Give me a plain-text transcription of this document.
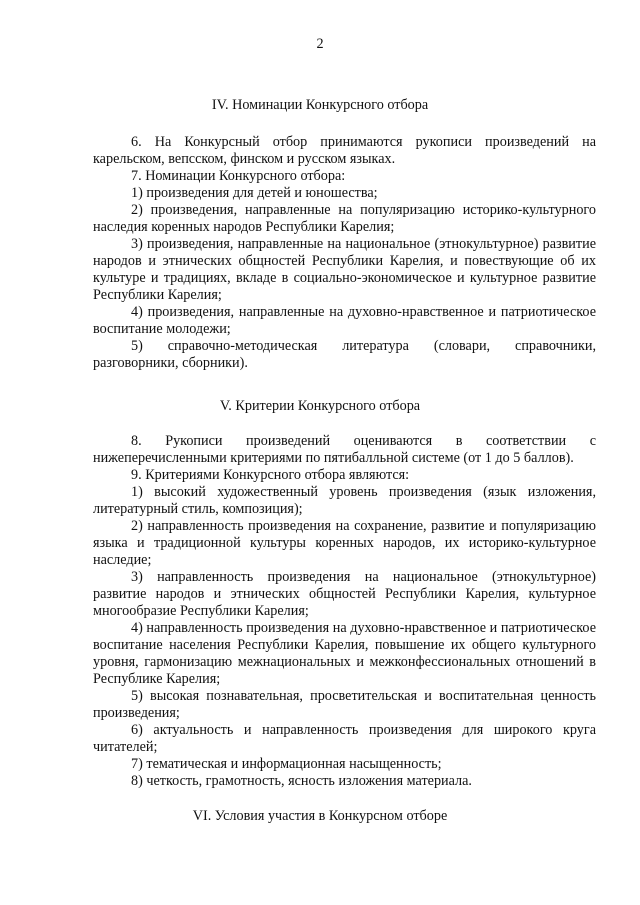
2
IV. Номинации Конкурсного отбора

6. На Конкурсный отбор принимаются рукописи произведений на карельском, вепсском, финском и русском языках.

7. Номинации Конкурсного отбора:

1) произведения для детей и юношества;

2) произведения, направленные на популяризацию историко-культурного наследия коренных народов Республики Карелия;

3) произведения, направленные на национальное (этнокультурное) развитие народов и этнических общностей Республики Карелия, и повествующие об их культуре и традициях, вкладе в социально-экономическое и культурное развитие Республики Карелия;

4) произведения, направленные на духовно-нравственное и патриотическое воспитание молодежи;

5) справочно-методическая литература (словари, справочники, разговорники, сборники).

V. Критерии Конкурсного отбора

8. Рукописи произведений оцениваются в соответствии с нижеперечисленными критериями по пятибалльной системе (от 1 до 5 баллов).

9. Критериями Конкурсного отбора являются:

1) высокий художественный уровень произведения (язык изложения, литературный стиль, композиция);

2) направленность произведения на сохранение, развитие и популяризацию языка и традиционной культуры коренных народов, их историко-культурное наследие;

3) направленность произведения на национальное (этнокультурное) развитие народов и этнических общностей Республики Карелия, культурное многообразие Республики Карелия;

4) направленность произведения на духовно-нравственное и патриотическое воспитание населения Республики Карелия, повышение их общего культурного уровня, гармонизацию межнациональных и межконфессиональных отношений в Республике Карелия;

5) высокая познавательная, просветительская и воспитательная ценность произведения;

6) актуальность и направленность произведения для широкого круга читателей;

7) тематическая и информационная насыщенность;

8) четкость, грамотность, ясность изложения материала.

VI. Условия участия в Конкурсном отборе
